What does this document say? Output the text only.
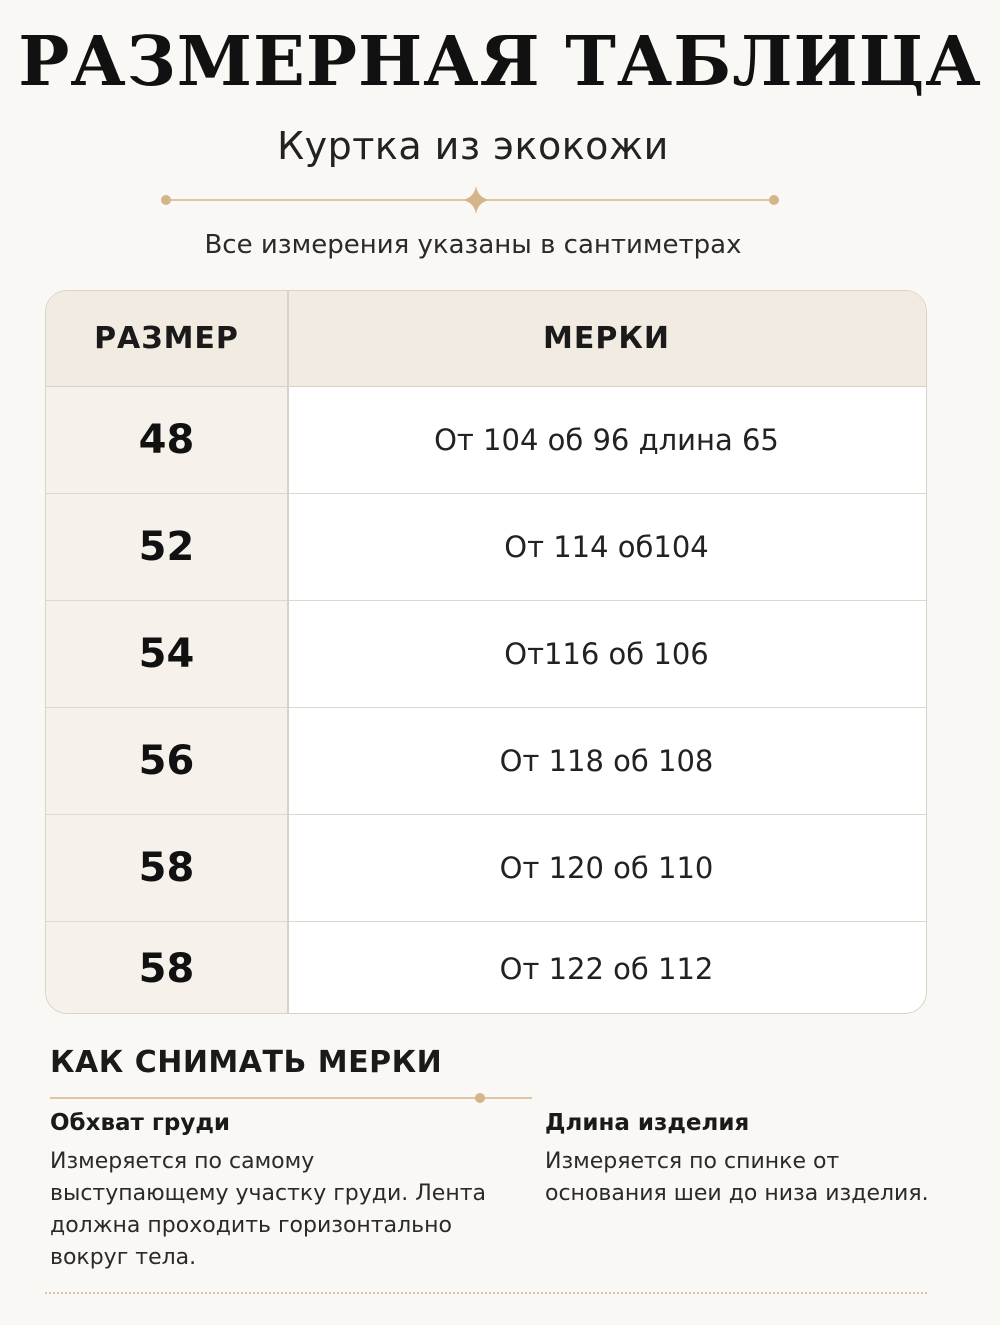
РАЗМЕРНАЯ ТАБЛИЦА
Куртка из экокожи
Все измерения указаны в сантиметрах
РАЗМЕР	МЕРКИ
48	От 104 об 96 длина 65
52	От 114 об104
54	От116 об 106
56	От 118 об 108
58	От 120 об 110
58	От 122 об 112
КАК СНИМАТЬ МЕРКИ
Обхват груди

Измеряется по самому выступающему участку груди. Лента должна проходить горизонтально вокруг тела.

Длина изделия

Измеряется по спинке от основания шеи до низа изделия.
